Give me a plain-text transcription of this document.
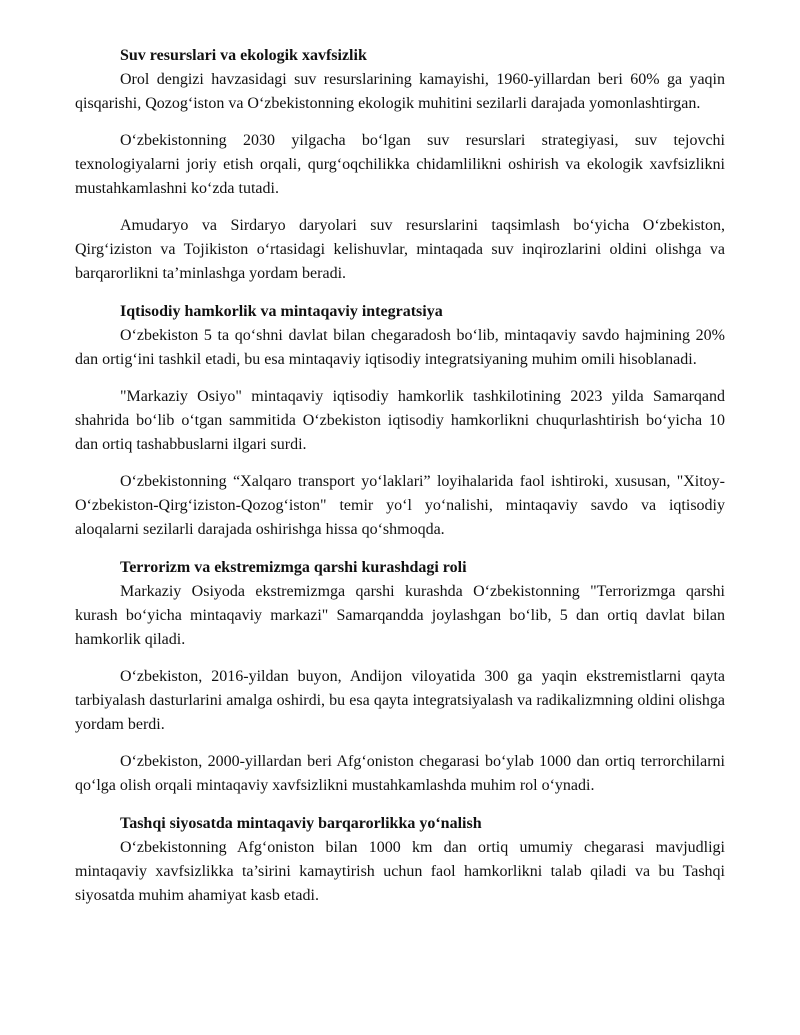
Suv resurslari va ekologik xavfsizlik

Orol dengizi havzasidagi suv resurslarining kamayishi, 1960-yillardan beri 60% ga yaqin qisqarishi, Qozog‘iston va O‘zbekistonning ekologik muhitini sezilarli darajada yomonlashtirgan.

O‘zbekistonning 2030 yilgacha bo‘lgan suv resurslari strategiyasi, suv tejovchi texnologiyalarni joriy etish orqali, qurg‘oqchilikka chidamlilikni oshirish va ekologik xavfsizlikni mustahkamlashni ko‘zda tutadi.

Amudaryo va Sirdaryo daryolari suv resurslarini taqsimlash bo‘yicha O‘zbekiston, Qirg‘iziston va Tojikiston o‘rtasidagi kelishuvlar, mintaqada suv inqirozlarini oldini olishga va barqarorlikni ta’minlashga yordam beradi.

Iqtisodiy hamkorlik va mintaqaviy integratsiya

O‘zbekiston 5 ta qo‘shni davlat bilan chegaradosh bo‘lib, mintaqaviy savdo hajmining 20% dan ortig‘ini tashkil etadi, bu esa mintaqaviy iqtisodiy integratsiyaning muhim omili hisoblanadi.

"Markaziy Osiyo" mintaqaviy iqtisodiy hamkorlik tashkilotining 2023 yilda Samarqand shahrida bo‘lib o‘tgan sammitida O‘zbekiston iqtisodiy hamkorlikni chuqurlashtirish bo‘yicha 10 dan ortiq tashabbuslarni ilgari surdi.

O‘zbekistonning “Xalqaro transport yo‘laklari” loyihalarida faol ishtiroki, xususan, "Xitoy-O‘zbekiston-Qirg‘iziston-Qozog‘iston" temir yo‘l yo‘nalishi, mintaqaviy savdo va iqtisodiy aloqalarni sezilarli darajada oshirishga hissa qo‘shmoqda.

Terrorizm va ekstremizmga qarshi kurashdagi roli

Markaziy Osiyoda ekstremizmga qarshi kurashda O‘zbekistonning "Terrorizmga qarshi kurash bo‘yicha mintaqaviy markazi" Samarqandda joylashgan bo‘lib, 5 dan ortiq davlat bilan hamkorlik qiladi.

O‘zbekiston, 2016-yildan buyon, Andijon viloyatida 300 ga yaqin ekstremistlarni qayta tarbiyalash dasturlarini amalga oshirdi, bu esa qayta integratsiyalash va radikalizmning oldini olishga yordam berdi.

O‘zbekiston, 2000-yillardan beri Afg‘oniston chegarasi bo‘ylab 1000 dan ortiq terrorchilarni qo‘lga olish orqali mintaqaviy xavfsizlikni mustahkamlashda muhim rol o‘ynadi.

Tashqi siyosatda mintaqaviy barqarorlikka yo‘nalish

O‘zbekistonning Afg‘oniston bilan 1000 km dan ortiq umumiy chegarasi mavjudligi mintaqaviy xavfsizlikka ta’sirini kamaytirish uchun faol hamkorlikni talab qiladi va bu Tashqi siyosatda muhim ahamiyat kasb etadi.
